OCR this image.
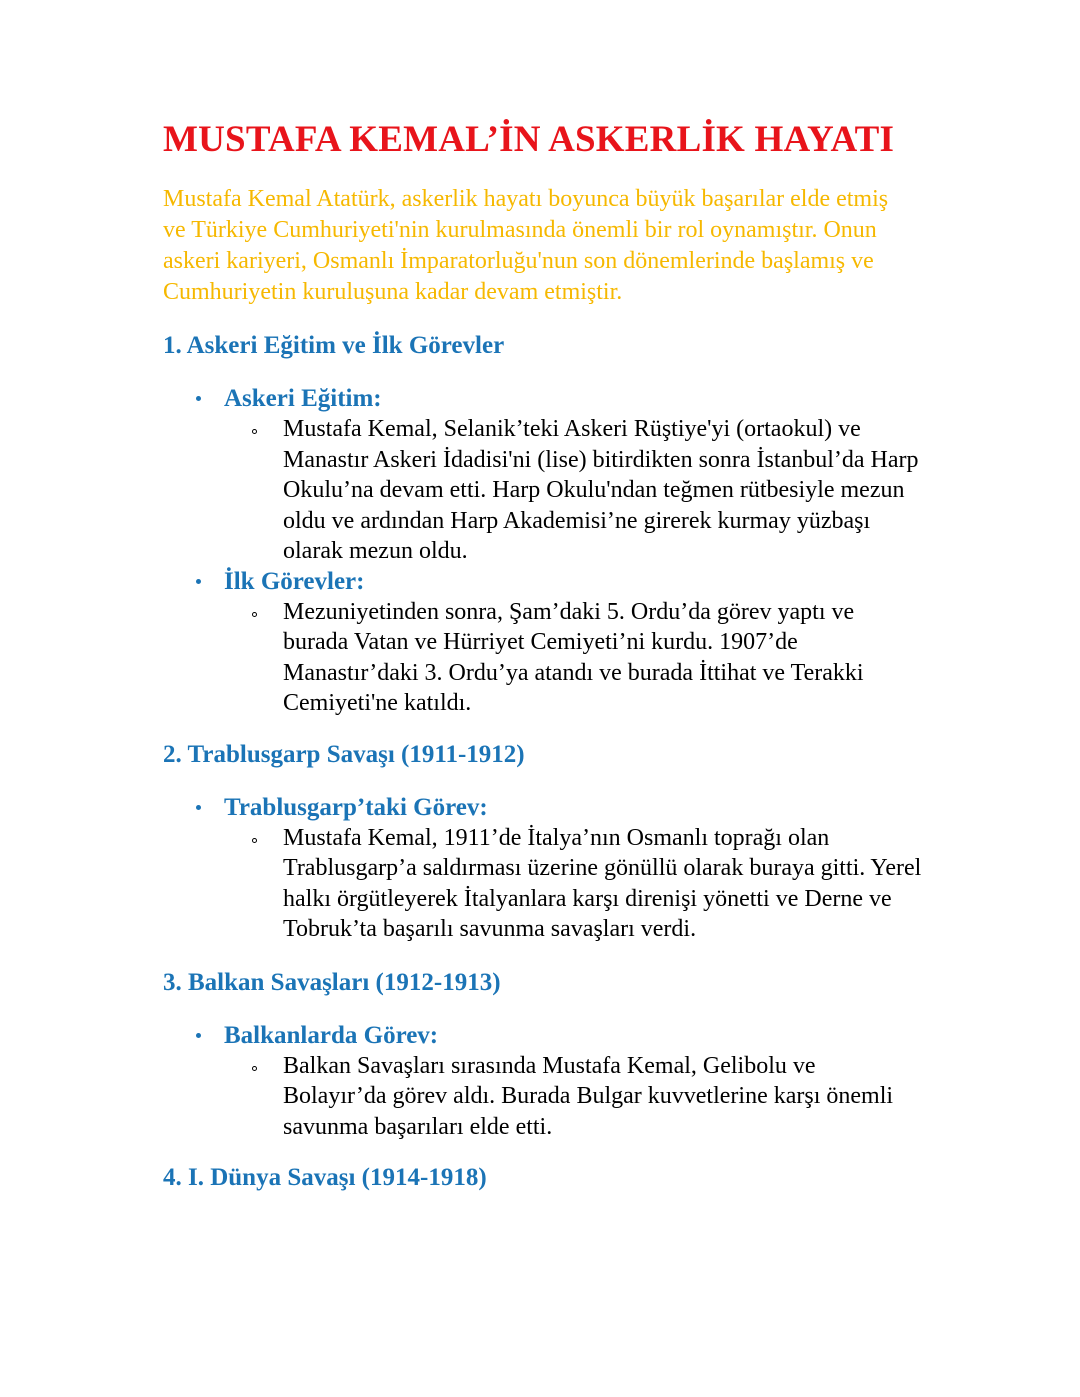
MUSTAFA KEMAL’İN ASKERLİK HAYATI

Mustafa Kemal Atatürk, askerlik hayatı boyunca büyük başarılar elde etmiş ve Türkiye Cumhuriyeti'nin kurulmasında önemli bir rol oynamıştır. Onun askeri kariyeri, Osmanlı İmparatorluğu'nun son dönemlerinde başlamış ve Cumhuriyetin kuruluşuna kadar devam etmiştir.

1. Askeri Eğitim ve İlk Görevler
Askeri Eğitim:
Mustafa Kemal, Selanik’teki Askeri Rüştiye'yi (ortaokul) ve Manastır Askeri İdadisi'ni (lise) bitirdikten sonra İstanbul’da Harp Okulu’na devam etti. Harp Okulu'ndan teğmen rütbesiyle mezun oldu ve ardından Harp Akademisi’ne girerek kurmay yüzbaşı olarak mezun oldu.
İlk Görevler:
Mezuniyetinden sonra, Şam’daki 5. Ordu’da görev yaptı ve burada Vatan ve Hürriyet Cemiyeti’ni kurdu. 1907’de Manastır’daki 3. Ordu’ya atandı ve burada İttihat ve Terakki Cemiyeti'ne katıldı.
2. Trablusgarp Savaşı (1911-1912)
Trablusgarp’taki Görev:
Mustafa Kemal, 1911’de İtalya’nın Osmanlı toprağı olan Trablusgarp’a saldırması üzerine gönüllü olarak buraya gitti. Yerel halkı örgütleyerek İtalyanlara karşı direnişi yönetti ve Derne ve Tobruk’ta başarılı savunma savaşları verdi.
3. Balkan Savaşları (1912-1913)
Balkanlarda Görev:
Balkan Savaşları sırasında Mustafa Kemal, Gelibolu ve Bolayır’da görev aldı. Burada Bulgar kuvvetlerine karşı önemli savunma başarıları elde etti.
4. I. Dünya Savaşı (1914-1918)
